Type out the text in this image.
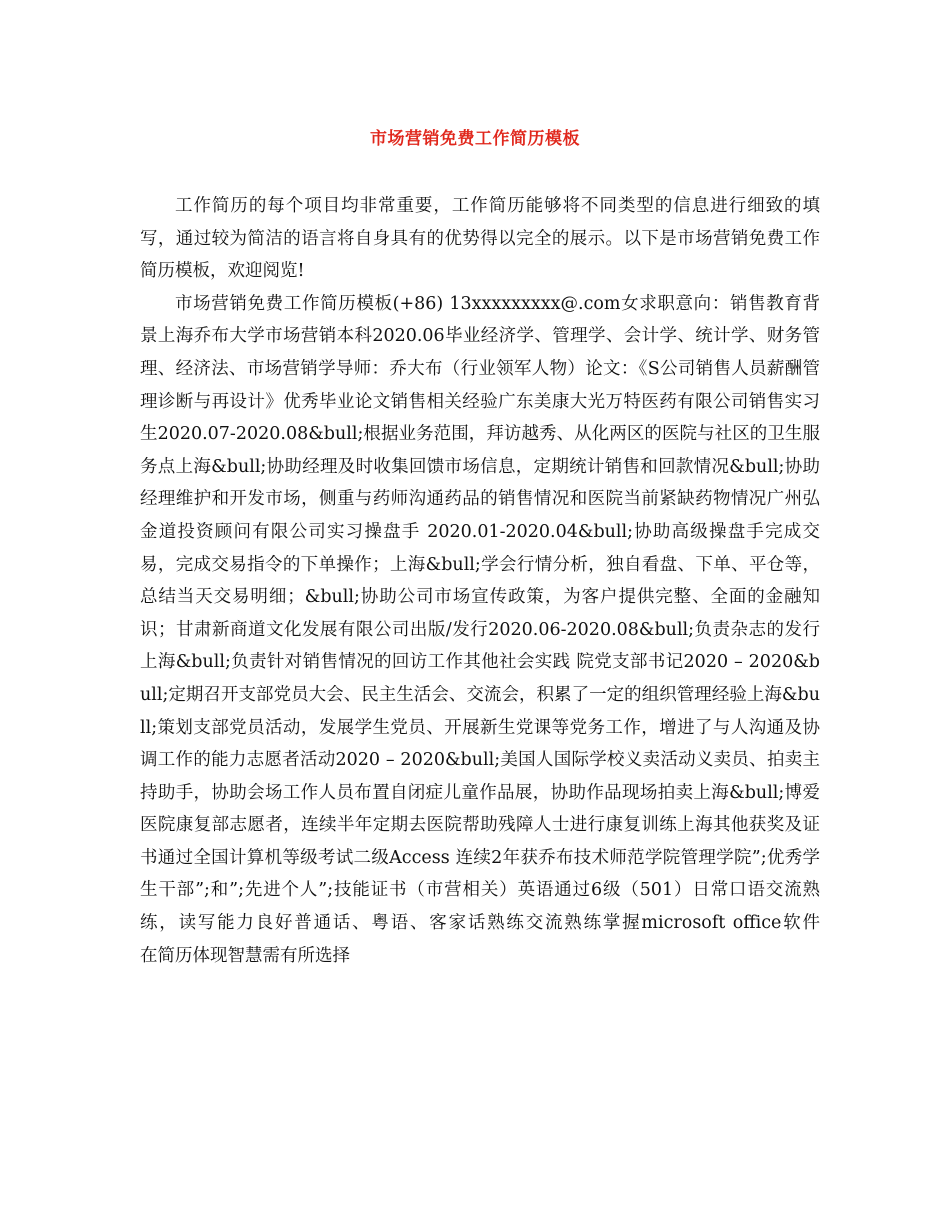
市场营销免费工作简历模板

工作简历的每个项目均非常重要，工作简历能够将不同类型的信息进行细致的填写，通过较为简洁的语言将自身具有的优势得以完全的展示。以下是市场营销免费工作简历模板，欢迎阅览!

市场营销免费工作简历模板(+86) 13xxxxxxxxx@.com女求职意向：销售教育背景上海乔布大学市场营销本科2020.06毕业经济学、管理学、会计学、统计学、财务管理、经济法、市场营销学导师：乔大布（行业领军人物）论文：《S公司销售人员薪酬管理诊断与再设计》优秀毕业论文销售相关经验广东美康大光万特医药有限公司销售实习生2020.07-2020.08&bull;根据业务范围，拜访越秀、从化两区的医院与社区的卫生服务点上海&bull;协助经理及时收集回馈市场信息，定期统计销售和回款情况&bull;协助经理维护和开发市场，侧重与药师沟通药品的销售情况和医院当前紧缺药物情况广州弘金道投资顾问有限公司实习操盘手 2020.01-2020.04&bull;协助高级操盘手完成交易，完成交易指令的下单操作；上海&bull;学会行情分析，独自看盘、下单、平仓等，总结当天交易明细；&bull;协助公司市场宣传政策，为客户提供完整、全面的金融知识；甘肃新商道文化发展有限公司出版/发行2020.06-2020.08&bull;负责杂志的发行上海&bull;负责针对销售情况的回访工作其他社会实践 院党支部书记2020 – 2020&bull;定期召开支部党员大会、民主生活会、交流会，积累了一定的组织管理经验上海&bull;策划支部党员活动，发展学生党员、开展新生党课等党务工作，增进了与人沟通及协调工作的能力志愿者活动2020 – 2020&bull;美国人国际学校义卖活动义卖员、拍卖主持助手，协助会场工作人员布置自闭症儿童作品展，协助作品现场拍卖上海&bull;博爱医院康复部志愿者，连续半年定期去医院帮助残障人士进行康复训练上海其他获奖及证书通过全国计算机等级考试二级Access 连续2年获乔布技术师范学院管理学院”;优秀学生干部”;和”;先进个人”;技能证书（市营相关）英语通过6级（501）日常口语交流熟练，读写能力良好普通话、粤语、客家话熟练交流熟练掌握microsoft office软件　　在简历体现智慧需有所选择
